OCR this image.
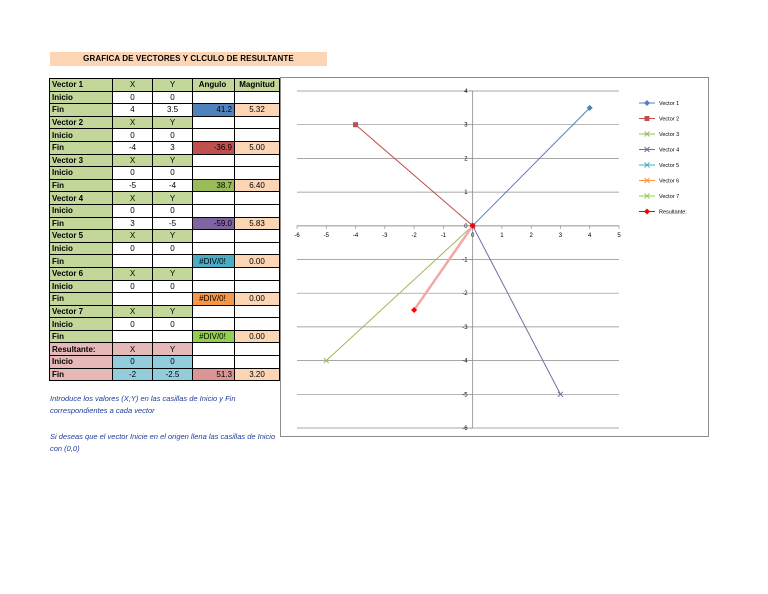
GRAFICA DE VECTORES Y CLCULO DE RESULTANTE
Vector 1	X	Y	Angulo	Magnitud
Inicio	0	0		
Fin	4	3.5	41.2	5.32
Vector 2	X	Y		
Inicio	0	0		
Fin	-4	3	-36.9	5.00
Vector 3	X	Y		
Inicio	0	0		
Fin	-5	-4	38.7	6.40
Vector 4	X	Y		
Inicio	0	0		
Fin	3	-5	-59.0	5.83
Vector 5	X	Y		
Inicio	0	0		
Fin			#DIV/0!	0.00
Vector 6	X	Y		
Inicio	0	0		
Fin			#DIV/0!	0.00
Vector 7	X	Y		
Inicio	0	0		
Fin			#DIV/0!	0.00
Resultante:	X	Y		
Inicio	0	0		
Fin	-2	-2.5	51.3	3.20
Introduce los valores (X;Y) en las casillas de Inicio y Fin correspondientes a cada vector
Si deseas que el vector Inicie en el origen llena las casillas de Inicio con (0,0)
-6	-5	-4	-3	-2	-1	0	1	2	3	4	5
4
3
2
1
0
-1
-2
-3
-4
-5
-6
Vector 1
Vector 2
Vector 3
Vector 4
Vector 5
Vector 6
Vector 7
Resultante:
